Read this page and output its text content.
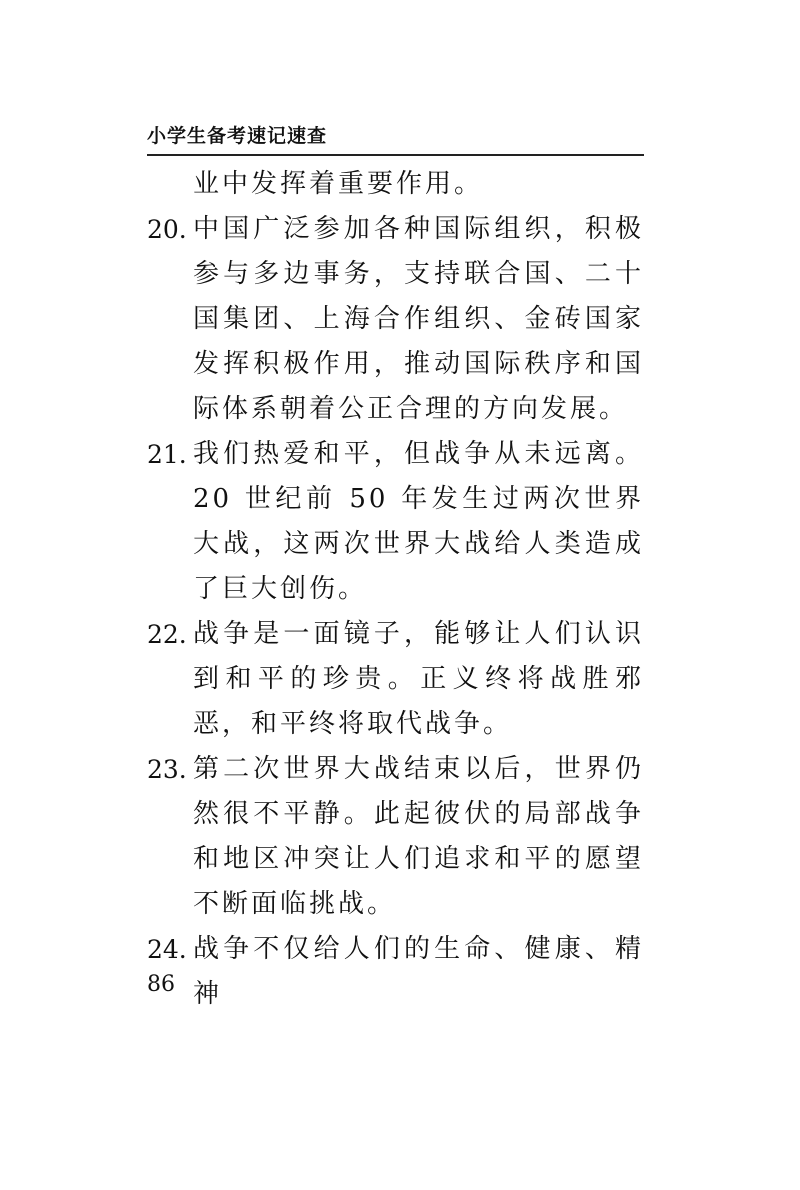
小学生备考速记速查

业中发挥着重要作用。

20. 中国广泛参加各种国际组织，积极参与多边事务，支持联合国、二十国集团、上海合作组织、金砖国家发挥积极作用，推动国际秩序和国际体系朝着公正合理的方向发展。

21. 我们热爱和平，但战争从未远离。20 世纪前 50 年发生过两次世界大战，这两次世界大战给人类造成了巨大创伤。

22. 战争是一面镜子，能够让人们认识到和平的珍贵。正义终将战胜邪恶，和平终将取代战争。

23. 第二次世界大战结束以后，世界仍然很不平静。此起彼伏的局部战争和地区冲突让人们追求和平的愿望不断面临挑战。

24. 战争不仅给人们的生命、健康、精神

86
